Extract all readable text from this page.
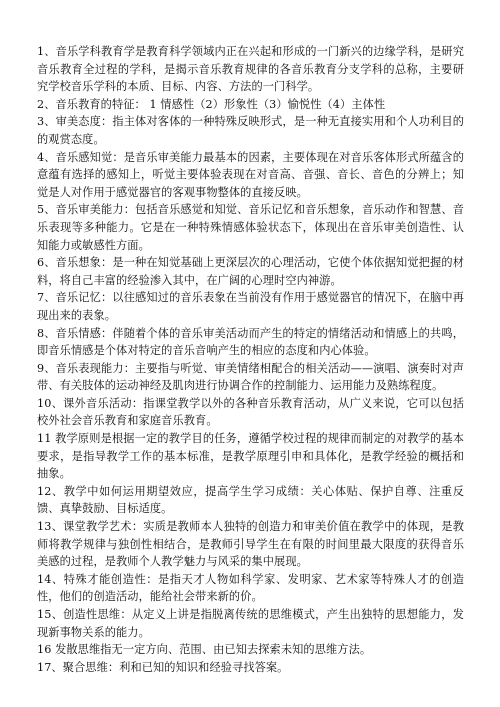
1、音乐学科教育学是教育科学领域内正在兴起和形成的一门新兴的边缘学科，是研究音乐教育全过程的学科，是揭示音乐教育规律的各音乐教育分支学科的总称，主要研究学校音乐学科的本质、目标、内容、方法的一门科学。

2、音乐教育的特征： 1 情感性（2）形象性（3）愉悦性（4）主体性

3、审美态度：指主体对客体的一种特殊反映形式，是一种无直接实用和个人功利目的的观赏态度。

4、音乐感知觉：是音乐审美能力最基本的因素，主要体现在对音乐客体形式所蕴含的意蕴有选择的感知上，听觉主要体验表现在对音高、音强、音长、音色的分辨上；知觉是人对作用于感觉器官的客观事物整体的直接反映。

5、音乐审美能力：包括音乐感觉和知觉、音乐记忆和音乐想象，音乐动作和智慧、音乐表现等多种能力。它是在一种特殊情感体验状态下，体现出在音乐审美创造性、认知能力或敏感性方面。

6、音乐想象：是一种在知觉基础上更深层次的心理活动，它使个体依据知觉把握的材料，将自己丰富的经验渗入其中，在广阔的心理时空内神游。

7、音乐记忆：以往感知过的音乐表象在当前没有作用于感觉器官的情况下，在脑中再现出来的表象。

8、音乐情感：伴随着个体的音乐审美活动而产生的特定的情绪活动和情感上的共鸣，即音乐情感是个体对特定的音乐音响产生的相应的态度和内心体验。

9、音乐表现能力：主要指与听觉、审美情绪相配合的相关活动——演唱、演奏时对声带、有关肢体的运动神经及肌肉进行协调合作的控制能力、运用能力及熟练程度。

10、课外音乐活动：指课堂教学以外的各种音乐教育活动，从广义来说，它可以包括校外社会音乐教育和家庭音乐教育。

11 教学原则是根据一定的教学目的任务，遵循学校过程的规律而制定的对教学的基本要求，是指导教学工作的基本标准，是教学原理引申和具体化，是教学经验的概括和抽象。

12、教学中如何运用期望效应，提高学生学习成绩：关心体贴、保护自尊、注重反馈、真挚鼓励、目标适度。

13、课堂教学艺术：实质是教师本人独特的创造力和审美价值在教学中的体现，是教师将教学规律与独创性相结合，是教师引导学生在有限的时间里最大限度的获得音乐美感的过程，是教师个人教学魅力与风采的集中展现。

14、特殊才能创造性：是指天才人物如科学家、发明家、艺术家等特殊人才的创造性，他们的创造活动，能给社会带来新的价。

15、创造性思维：从定义上讲是指脱离传统的思维模式，产生出独特的思想能力，发现新事物关系的能力。

16 发散思维指无一定方向、范围、由已知去探索未知的思维方法。

17、聚合思维：利和已知的知识和经验寻找答案。
